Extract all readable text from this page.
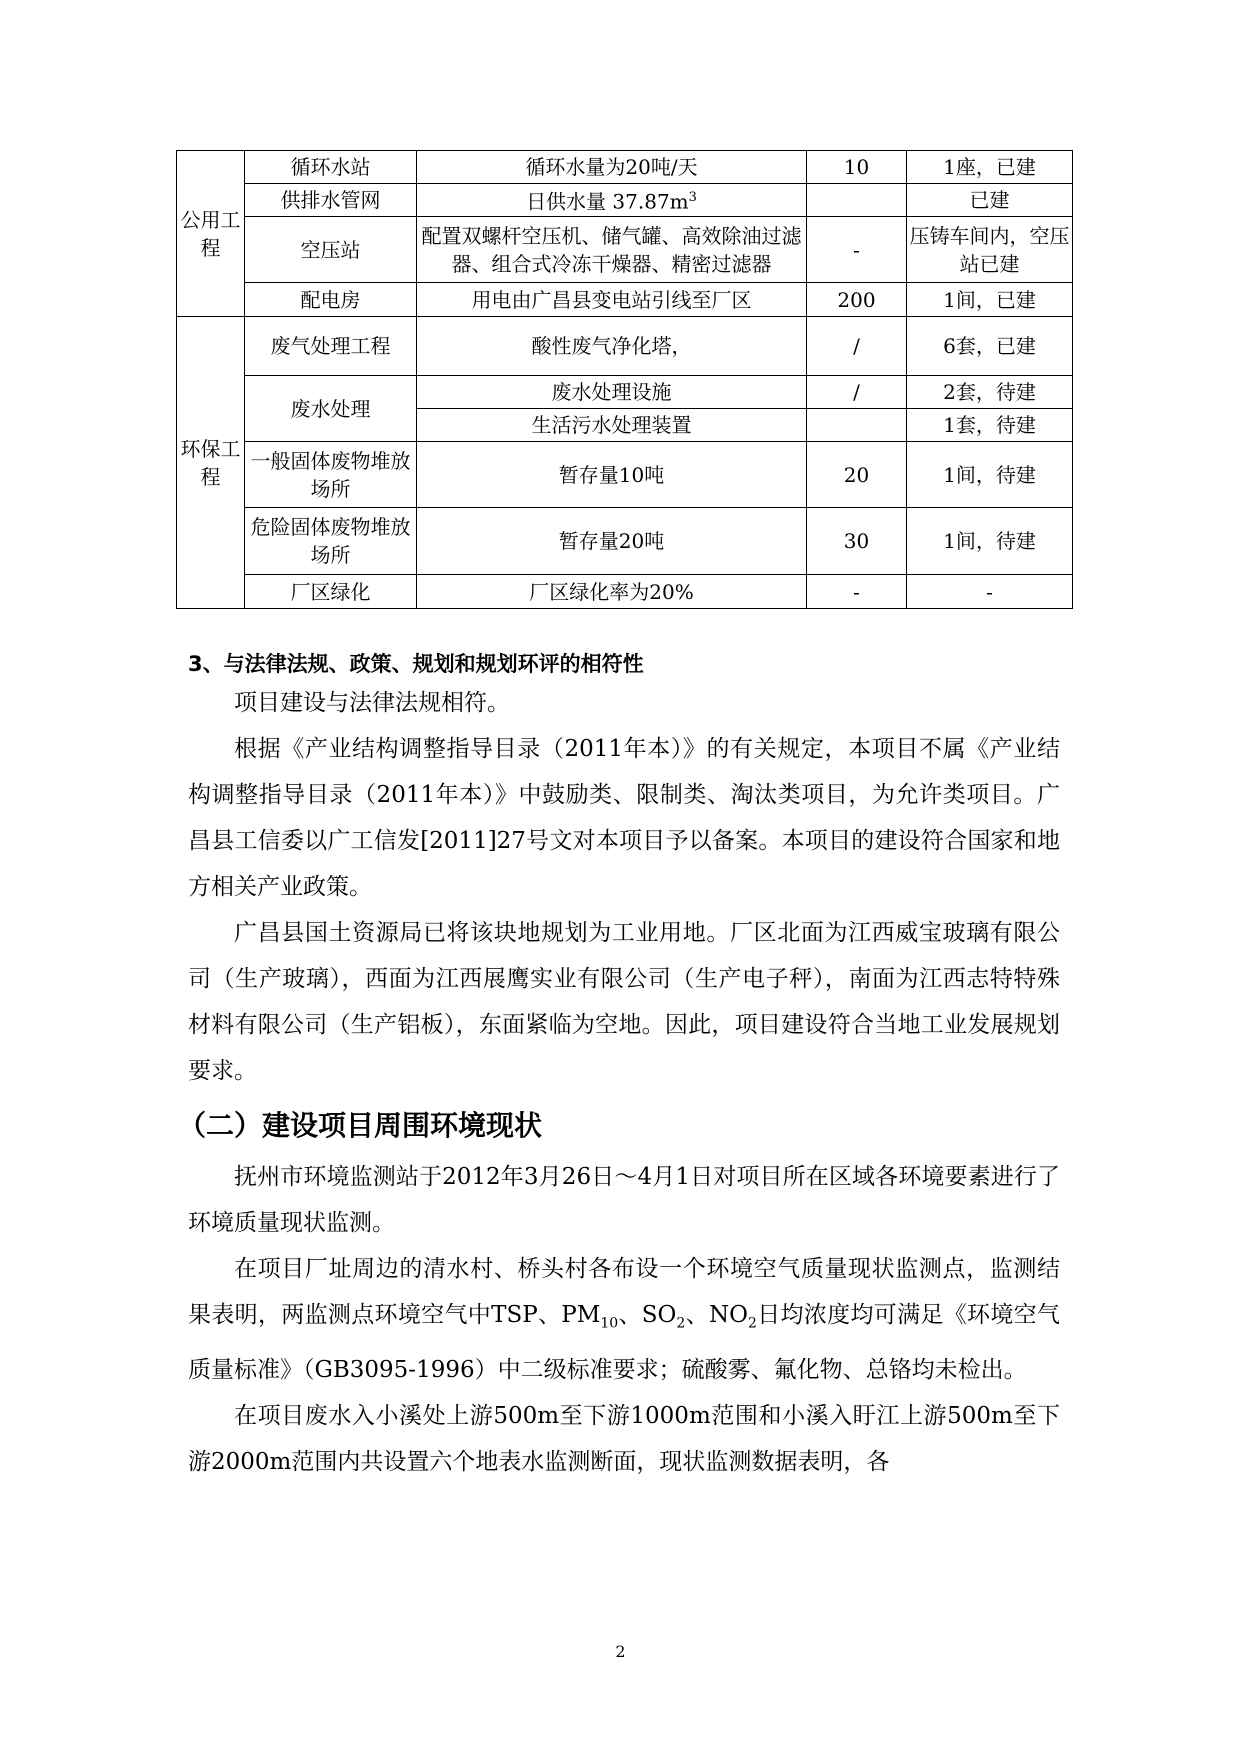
公用工程	循环水站	循环水量为20吨/天	10	1座，已建
	供排水管网	日供水量 $37.87m^3$		已建
	空压站	配置双螺杆空压机、储气罐、高效除油过滤器、组合式冷冻干燥器、精密过滤器	-	压铸车间内，空压站已建
	配电房	用电由广昌县变电站引线至厂区	200	1间，已建
环保工程	废气处理工程	酸性废气净化塔，	/	6套，已建
	废水处理	废水处理设施	/	2套，待建
		生活污水处理装置		1套，待建
	一般固体废物堆放场所	暂存量10吨	20	1间，待建
	危险固体废物堆放场所	暂存量20吨	30	1间，待建
	厂区绿化	厂区绿化率为20%	-	-
3、与法律法规、政策、规划和规划环评的相符性

项目建设与法律法规相符。

根据《产业结构调整指导目录（2011年本）》的有关规定，本项目不属《产业结构调整指导目录（2011年本）》中鼓励类、限制类、淘汰类项目，为允许类项目。广昌县工信委以广工信发[2011]27号文对本项目予以备案。本项目的建设符合国家和地方相关产业政策。

广昌县国土资源局已将该块地规划为工业用地。厂区北面为江西威宝玻璃有限公司（生产玻璃），西面为江西展鹰实业有限公司（生产电子秤），南面为江西志特特殊材料有限公司（生产铝板），东面紧临为空地。因此，项目建设符合当地工业发展规划要求。

（二）建设项目周围环境现状

抚州市环境监测站于2012年3月26日～4月1日对项目所在区域各环境要素进行了环境质量现状监测。

在项目厂址周边的清水村、桥头村各布设一个环境空气质量现状监测点，监测结果表明，两监测点环境空气中TSP、$PM_{10}$、$SO_2$、$NO_2$日均浓度均可满足《环境空气质量标准》（GB3095-1996）中二级标准要求；硫酸雾、氟化物、总铬均未检出。

在项目废水入小溪处上游500m至下游1000m范围和小溪入盱江上游500m至下游2000m范围内共设置六个地表水监测断面，现状监测数据表明，各

2
